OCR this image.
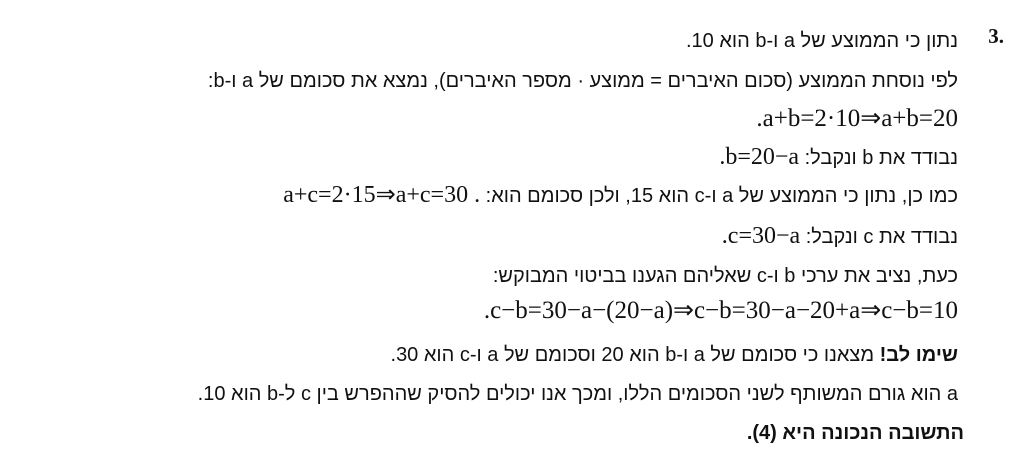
3.
נתון כי הממוצע של a ו-b הוא 10.
לפי נוסחת הממוצע (סכום האיברים = ממוצע · מספר האיברים), נמצא את סכומם של a ו-b:
.a+b=2·10⇒a+b=20
נבודד את b ונקבל: .b=20−a
כמו כן, נתון כי הממוצע של a ו-c הוא 15, ולכן סכומם הוא: a+c=2·15⇒a+c=30 .
נבודד את c ונקבל: .c=30−a
כעת, נציב את ערכי b ו-c שאליהם הגענו בביטוי המבוקש:
.c−b=30−a−(20−a)⇒c−b=30−a−20+a⇒c−b=10
שימו לב! מצאנו כי סכומם של a ו-b הוא 20 וסכומם של a ו-c הוא 30.
a הוא גורם המשותף לשני הסכומים הללו, ומכך אנו יכולים להסיק שההפרש בין c ל-b הוא 10.
התשובה הנכונה היא (4).
